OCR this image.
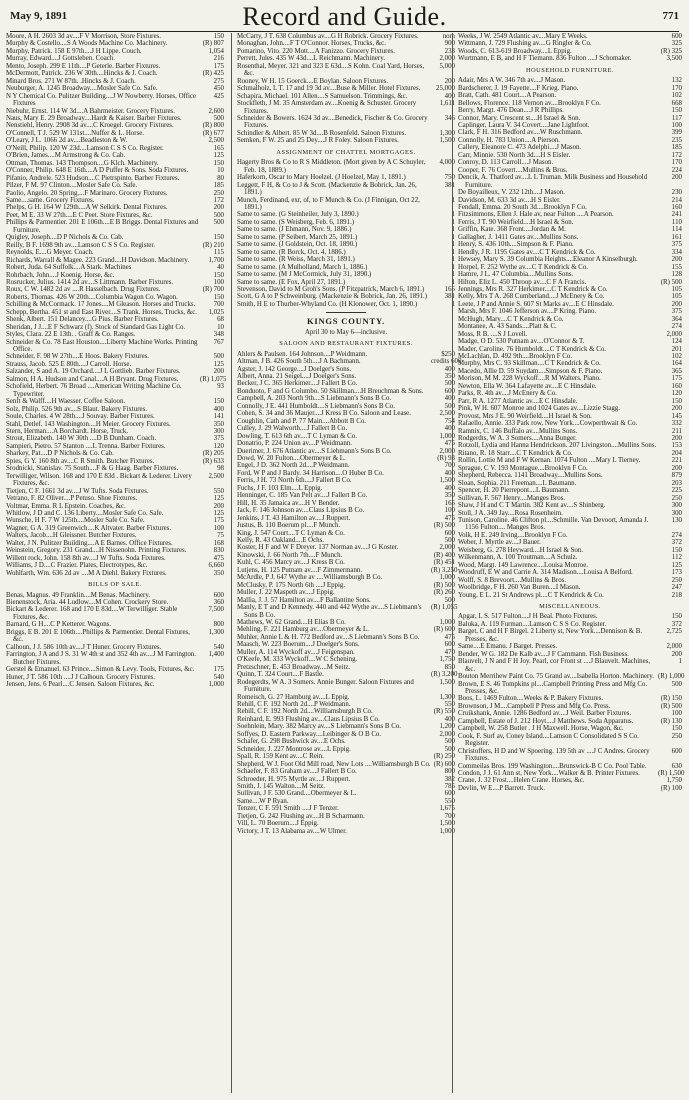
May 9, 1891	Record and Guide.	771
Moore, A H. 2603 3d av....F V Morrison, Store Fixtures.	150
Murphy & Costello....S A Woods Machine Co. Machinery.	(R) 807
Murphy, Patrick. 158 E 97th....J H Lippe. Couch.	1,054
Murray, Edward....J Gottsleben. Coach.	216
Mento, Joseph. 299 E 11th....P Geterle. Barber Fixtures.	175
McDermott, Patrick. 236 W 30th....Hincks & J. Coach.	(R) 425
Minard Bros. 271 W 87th. .Hincks & J. Coach.	275
Neuburger, A. 1245 Broadway....Mosler Safe Co. Safe.	450
N Y Chemical Co. Pulitzer Building....J W Nowberry. Horses, Office Fixtures
425
Niebuhr, Ernst. 114 W 3d....A Bahrmeister. Grocery Fixtures.	2,600
Naus, Mary E. 29 Broadway....Hardt & Kaiser. Barber Fixtures.	500
Nenstiehl, Henry. 2908 3d av....C Kroegel. Grocery Fixtures.	(R) 800
O'Connell, T J. 529 W 131st....Nuffer & L. Horse.	(R) 677
O'Leary, J L. 1066 2d av....Beadleston & W.	2,500
O'Neill, Philip. 120 W 23d....Lamson C S S Co. Register.	165
O'Brien, James....M Armstrong & Co. Cab.	125
Ottman, Thomas. 143 Thompson....G Klch. Machinery.	150
O'Conner, Philip. 648 E 16th....A D Puffer & Sons. Soda Fixtures.	10
Pifanio, Andrele. 523 Hudson....C Pietrspinto. Barber Fixtures.	80
Pilzer, F M. 97 Clinton....Mosler Safe Co. Safe.	185
Paolio, Angelo. 20 Spring....F Marinaro. Grocery Fixtures.	250
Same....same. Grocery Fixtures.	172
Phelps, G H. 164 W 129th....A W Selkirk. Dental Fixtures.	200
Peet, M E. 33 W 27th....E C Peet. Store Fixtures, &c.	500
Phillips & Parmentier. 201 E 106th....E B Briggs. Dental Fixtures and Furniture.
500
Quigley, Joseph....D P Nichols & Co. Cab.	150
Reilly, B F. 1698 9th av....Lamson C S S Co. Register.	(R) 210
Reynolds, E....G Meyer. Coach.	115
Richards, Warrall & Magee. 223 Grand....H Davidson. Machinery.	1,700
Robert, Juda. 64 Suffolk....A Stark. Machines	40
Rohrbach, John....J Koenig. Horse, &c.	150
Rosrucker, Julius. 1414 2d av....S Littmann. Barber Fixtures.	100
Roux, C W. 1482 2d av ....R Hasselbach. Drug Fixtures.	(R) 700
Roberts, Thomas. 426 W 20th....Columbia Wagon Co. Wagon.	150
Schilling & McCormack. 17 Jones....M Gleason. Horses and Trucks.	700
Schepp, Bertha. 451 st and East River....S Trank. Horses, Trucks, &c.	1,025
Shenk, Albert. 151 Delancey....G Pius. Barber Fixtures.	68
Sheridan, J J....E F Schwarz (f). Stock of Standard Gas Light Co.	10
Styles, Clara. 22 E 13th. . Graff & Co. Ranges.	348
Schneider & Co. 78 East Houston....Liberty Machine Works. Printing Office.
767
Schneider, F. 98 W 27th....E Hoos. Bakery Fixtures.	500
Strauss, Jacob. 525 E 80th....J Carroll. Horse.	125
Salzander, S and A. 19 Orchard....J L Gottlieb. Barber Fixtures.	200
Salmon, H A. Hudson and Canal....A H Bryant. Drug Fixtures.	(R) 1,075
Schofield, Herbert. 76 Broad ....American Writing Machine Co. Typewriter.
93
Senft & Walff....H Waesser. Coffee Saloon.	150
Solz, Philip. 526 9th av....S Blaut. Bakery Fixtures.	400
Soule, Charles. 4 W 28th....J Souvay. Barber Fixtures.	141
Stahl, Detlef. 143 Washington....H Meier. Grocery Fixtures.	350
Stern, Herman....A Borchardt. Horse, Truck.	300
Strout, Elizabeth. 140 W 30th ....D B Dunham. Coach.	375
Sampieri, Pietro. 57 Stanton ....L Trenna. Barber Fixtures.	120
Sharkey, Pat....D P Nichols & Co. Cab.	(R) 205
Spies, G Y. 160 8th av....C R Smith. Butcher Fixtures.	(R) 633
Srodnicki, Stanislav. 75 South....F & G Haag. Barber Fixtures.	98
Terwilliger, Wilson. 168 and 170 E 83d . Bickart & Lederer. Livery Fixtures, &c.
2,500
Tietjen, C F. 1661 3d av....J W Tufts. Soda Fixtures.	550
Vetrano, F. 82 Oliver....P Petuso. Shoe Fixtures.	125
Voltmar, Emma. R L Epstein. Coaches, &c.	200
Whitlow, J D and C. 136 Liberty....Mosler Safe Co. Safe.	125
Wunsche, H F. 7 W 125th....Mosler Safe Co. Safe.	175
Wagner, G A. 319 Greenwich....K Altvater. Barber Fixtures.	100
Walters, Jacob....H Gleissner. Butcher Fixtures.	75
Walter, J N. Pulitzer Building....A E Barnes. Office Fixtures.	168
Weinstein, Gregory. 231 Grand....H Nissenohn. Printing Fixtures.	830
Willent rock, John. 158 8th av....J W Tufts. Soda Fixtures.	475
Williams, J D....C Frazier. Plates, Electrotypes, &c.	6,660
Wohlfarth, Wm. 636 2d av ....M A Diehl. Bakery Fixtures.	350
BILLS OF SALE.
Benas, Magnus. 49 Franklin....M Benas. Machinery.	600
Bienenstock, Aria. 44 Ludlow....M Cohen. Crockery Store.	360
Bickart & Lederer. 168 and 170 E 83d....W Terwilliger. Stable Fixtures, &c.
7,500
Barnard, G H....C P Ketterer. Wagons.	800
Briggs, E B. 201 E 106th....Phillips & Parmentier. Dental Fixtures, &c.
1,300
Calhoun, J J. 586 10th av....J T Huner. Grocery Fixtures.	540
Farrington, J A and J S. 31 W 4th st and 352 4th av....J M Farrington. Butcher Fixtures.
1,400
Gerstel & Emanuel. 63 Prince....Simon & Levy. Tools, Fixtures, &c.	175
Huner, J T. 586 10th ....J J Calhoun. Grocery Fixtures.	540
Jensen, Jens. 6 Pearl....C Jensen. Saloon Fixtures, &c.	1,000
McCarty, J T. 638 Columbus av....G H Robrick. Grocery Fixtures.	nom
Monaghan, John....F T O'Connor. Horses, Trucks, &c.	900
Pomarino, Vito. 220 Mott....A Fanizzo. Grocery Fixtures.	233
Perrett, Jules. 435 W 43d....L Reichmann. Machinery.	2,000
Rosenthal, Meyer. 321 and 323 E 63d....S Kohn. Coal Yard, Horses, &c.
5,000
Rooney, W H. 15 Goerck....E Boylan. Saloon Fixtures.	200
Schmalholz, L T. 17 and 19 3d av....Buse & Miller. Hotel Fixtures.	25,000
Schapira, Michael. 101 Allen....S Samuelson. Trimmings, &c.	400
Stockfleth, J M. 35 Amsterdam av....Koenig & Schuster. Grocery Fixtures.
1,611
Schneider & Bowers. 1624 3d av....Benedick, Fischer & Co. Grocery Fixtures.
346
Schindler & Albert. 85 W 3d....B Rosenfeld. Saloon Fixtures.	1,300
Semken, F W. 25 and 25 Dey....J R Foley. Saloon Fixtures.	1,500
ASSIGNMENT OF CHATTEL MORTGAGES.
Hagerty Bros & Co to R S Middleton. (Mort given by A C Schuyler, Feb. 18, 1889.)
4,000
Haferkorn, Oscar to Mary Hoelzel. (J Hoelzel, May 1, 1891.)	750
Leggett, F H, & Co to J & Scott. (Mackenzie & Bobrick, Jan. 26, 1891.)
381
Munch, Ferdinand, exr, of, to F Munch & Co. (J Finnigan, Oct 22, 1891.)
1
Same to same. (G Steinheiler, July 3, 1890.)	1
Same to same. (S Weisberg, Feb. 6, 1891.)	1
Same to same. (J Ehmann, Nov. 9, 1886.)	1
Same to same. (P Seibert, March 25, 1891.)	1
Same to same. (J Goldstein, Oct. 18, 1890.)	1
Same to same. (R Borck, Oct. 4, 1886.)	1
Same to same. (R Weiss, March 31, 1891.)	1
Same to same. (A Mulholland, March 1, 1886.)	1
Same to same. (M J McCormick, July 31, 1890.)	1
Same to same. (E Fox, April 27, 1891.)	1
Stevenson, David to M Groh's Sons. (P Fitzpatrick, March 6, 1891.)	165
Scott, G A to P Schweinburg. (Mackenzie & Bobrick, Jan. 26, 1891.)	381
Smith, H E to Thurber-Whyland Co. (H Klonower, Oct. 1, 1890.)	1
KINGS COUNTY.
April 30 to May 6—inclusive.
SALOON AND RESTAURANT FIXTURES.
Ahlers & Paulsen. 164 Johnson....P Weidmann.	$250
Altman, J B. 426 South 5th....J A Bachmann.	credits 600
Agster, J. 142 George....J Doelger's Sons.	400
Albert, Anna. 21 Seigel....J Doelger's Sons.	350
Becker, J C. 365 Herkimer....J Fallert B Co.	500
Bonduoto, F and G Columbo. 50 Skillman....H Breuchman & Sons.	600
Campbell, A. 203 North 9th....S Liebmann's Sons B Co.	400
Connolly, J E. 441 Humboldt....S Liebmann's Sons B Co.	500
Cohen, S. 34 and 36 Maujer....J Kress B Co. Saloon and Lease.	2,500
Coughlin, Cath and P. 77 Main....Abbott B Co.	754
Culley, J. 29 Walworth....J Fallert B Co.	400
Dowling, T. 613 6th av....T C Lyman & Co.	1,000
Donatrio, P. 224 Union av....P Weidmann.	475
Duerimer, J. 676 Atlantic av....S Liebmann's Sons B Co.	2,000
Dowd, W. 20 Fulton....Obermeyer & L.	(R) 93
Engel, J D. 362 North 2d....P Weidmann.	700
Ford, W P and J Bardy. 34 Harrison....O Huber B Co.	400
Ferris, J H. 73 North 6th....J Fallert B Co.	1,500
Fuchs, J F. 103 Elm....L Eppig.	400
Henninger, C. 185 Van Pelt av....J Fallert B Co.	350
Hill, H. 35 Jamaica av....H V Bender.	165
Jack, F. 146 Johnson av....Claus Lipsius B Co.	100
Jenkins, J T. 43 Hamilton av....J Ruppert.	475
Justus, B. 110 Boerum pl....F Munch.	(R) 500
King, J. 547 Court....T C Lyman & Co.	600
Kelly, R. 43 Oakland....E Ochs.	500
Koster, H F and W F Dreyer. 137 Norman av....J G Koster.	2,000
Kinowski, J. 66 North 7th....F Munch.	(R) 400
Kuhl, C. 456 Marcy av....J Kress B Co.	(R) 451
Lutjens, H. 125 Putnam av....F Zimmermann.	(R) 3,250
McArdle, P J. 647 Wythe av ....Williamsburgh B Co.	1,000
McClusky, P. 175 North 6th ....J Eppig.	(R) 500
Muller, J. 22 Maspeth av....J Eppig.	(R) 260
Mallia, J. J. 57 Hamilton av....F Ballantine Sons.	500
Manly, E T and D Kennedy. 440 and 442 Wythe av....S Liebmann's Sons B Co.
(R) 1,055
Mathews, W. 62 Grand....H Elias B Co.	1,000
Mehling, F. 221 Hamburg av....Obermeyer & L.	(R) 600
Muhler, Annie L & H. 772 Bedford av....S Liebmann's Sons B Co.	475
Maasch, W. 223 Boerum....J Doelger's Sons.	600
Muller, A. 114 Wyckoff av....J Feigenspan.	470
O'Keefe, M. 333 Wyckoff....W C Schening.	1,750
Pretzschner, E. 453 Broadway....M Seitz.	850
Quinn, T. 324 Court....F Bastle.	(R) 3,200
Rodegerdts, W A. 3 Somers. Annie Bunger. Saloon Fixtures and Furniture.
1,500
Romeisch, G. 27 Hamburg av....L Eppig.	1,300
Rehill, C F. 192 North 2d....P Weidmann.	550
Rehill, C F. 192 North 2d....Williamsburgh B Co.	(R) 550
Reinhard, E. 993 Flushing av....Claus Lipsius B Co.	400
Soehnlein, Mary. 382 Marcy av....S Liebmann's Sons B Co.	1,200
Soffyes, D. Eastern Parkway....Leibinger & O B Co.	2,000
Schafer, G. 298 Bushwick av....E Ochs.	500
Schneider, J. 227 Montrose av....L Eppig.	500
Spall, R. 159 Kent av....C Rein.	(R) 250
Shepherd, W J. Foot Old Mill road, New Lots ....Williamsburgh B Co. (R) 600
Schaefer, F. 83 Graham av....J Fallert B Co.	800
Schroeder, H. 975 Myrtle av....J Ruppert.	382
Smith, J. 145 Walton....M Seitz.	785
Sullivan, J F. 530 Grand....Obermeyer & L.	600
Same....W P Ryan.	550
Tenzer, C F. 591 Smith ....J F Tenzer.	1,675
Tietjen, G. 242 Flushing av....H B Scharmann.	700
Vill, L. 70 Boerum....J Eppig.	1,500
Victory, J T. 13 Alabama av....W Ulmer.	1,000
Weeks, J W. 2549 Atlantic av....Mary E Weeks.	600
Wittmann, J. 729 Flushing av....G Ringler & Co.	325
Woods, C. 613-619 Broadway....L Eppig.	(R) 325
Wurtmann, E B, and H F Tiemann. 836 Fulton ....J Schomaker.	3,500
HOUSEHOLD FURNITURE.
Adair, Mrs A W. 346 7th av....J Mason.	132
Bardscherer, J. 19 Fayette....F Krieg. Piano.	170
Bratt, Cath. 481 Court....A Pearson.	102
Bellows, Florence. 118 Vernon av....Brooklyn F Co.	668
Berry, Margt. 476 Dean....J R Phillips.	150
Connor, Mary. Crescent st....H Israel & Son.	117
Caplinger, Laura V. 34 Covert....Jane Lightfoot.	100
Clark, F H. 316 Bedford av....W Ruschmann.	399
Connolly, H. 783 Union....A Pierson.	235
Callery, Eleanore C. 473 Adelphi....J Mason.	185
Carr, Minnie. 530 North 3d....H S Eisler.	172
Conroy, D. 113 Carroll....J Mason.	170
Cooper, F. 76 Covert....Mullins & Bros.	224
Dencik, A. Thatford av....L L Truman. Milk Business and Household Furniture.
200
De Boyailleux, V. 232 12th....J Mason.	230
Davidson, M. 633 3d av....H S Eisler.	214
Fendall, Emma. 20 South 3d....Brooklyn F Co.	160
Fitzsimmons, Ellen J. Hale av, near Fulton ....A Pearson.	241
Ferris, J T. 90 Weirfield....H Israel & Son.	110
Griffin, Kate. 368 Front....Jordan & M.	114
Gallagher, J. 1411 Gates av....Mullins Sons.	161
Henry, S. 436 10th....Simpson & F. Piano.	375
Hendly, J R. 1195 Gates av....C T Kendrick & Co.	334
Hewsey, Mary S. 39 Columbia Heights....Eleanor A Kinselburgh.	200
Horpel, F. 252 Wythe av....C T Kendrick & Co.	155
Hamre, J L. 47 Columbia....Mullins Sons.	128
Hilton, Eliz L. 450 Throop av....C F A Francis.	(R) 500
Jennings, Mrs R. 327 Herkimer....C T Kendrick & Co.	105
Kelly, Mrs T A. 268 Cumberland....J McEnery & Co.	105
Leete, J P and Annie S. 607 St Marks av....E C Hinsdale.	200
Marsh, Mrs F. 1046 Jefferson av....P Kring. Piano.	375
McHugh, Mary....C T Kendrick & Co.	364
Montanee, A. 43 Sands....Platt & C.	274
Moss, R B. ....S J Lovell.	2,000
Madge, O D. 530 Putnam av....O'Connor & T.	124
Mader, Caroline. 76 Humboldt....C T Kendrick & Co.	201
McLachlan, D. 492 9th....Brooklyn F Co.	102
Murphy, Mrs C. 93 Skillman....C T Kendrick & Co.	164
Macedo, Allie D. 59 Suydam....Simpson & F. Piano.	365
Morison, M M. 228 Wyckoff....R M Walters. Piano.	175
Newton, Ella W. 364 Lafayette av....E C Hinsdale.	160
Parks, R. 4th av....J McEnery & Co.	120
Parr, R A. 1277 Atlantic av....E C Hinsdale.	150
Pink, W H. 607 Monroe and 1024 Gates av....Lizzie Stagg.	200
Provost, Mrs J E. 90 Weirfield....H Israel & Son.	145
Rafaello, Annie. 333 Park row, New York....Cowperthwait & Co.	332
Ramnix, C. 146 Buffalo av....Mullins Sons.	211
Rodgerdts, W A. 3 Somers....Anna Bunger.	200
Rotzoll, Lydia and Hanna Hendrickson. 207 Livingston....Mullins Sons.	153
Ritano, R. 18 Starr....C T Kendrick & Co.	204
Rollin, Lottie M and F W Kernan. 1074 Fulton ....Mary L Tierney.	221
Sprague, C V. 193 Montague....Brooklyn F Co.	200
Shepherd, Rebecca. 1141 Broadway....Mullins Sons.	879
Sloan, Sophia. 211 Freeman....L Baumann.	203
Spencer, H. 20 Pierrepont....L Baumann.	225
Sullivan, F. 567 Henry....Manges Bros.	250
Shaw, J H and C T Martin. 382 Kent av....S Shinberg.	300
Stoll, J A. 349 Jay....Rosa Rosenheim.	300
Tunison, Caroline. 46 Clifton pl....Schmille. Van Devoort, Amanda J. 1156 Fulton.... Manges Bros.
130
Volk, H E. 249 Irving....Brooklyn F Co.	274
Weber, J. Myrtle av....J Bauer.	372
Weisberg, G. 278 Heyward....H Israel & Son.	150
Wilkenmann, A. 100 Troutman....A Schulz.	112
Wood, Margt. 149 Lawrence....Louisa Monroe.	125
Woodruff, E W and Carrie A. 314 Madison....Louisa A Belford.	173
Wolff, S. 8 Brevoort....Mullins & Bros.	250
Woolbridge, F H. 260 Van Buren....I Mason.	247
Young, E L. 21 St Andrews pl....C T Kendrick & Co.	218
MISCELLANEOUS.
Apgar, L S. 517 Fulton....J H Beal. Photo Fixtures.	150
Baluka, A. 119 Furman....Lamson C S S Co. Register.	372
Barget, C and H F Birgel. 2 Liberty st, New York....Dennison & B. Presses, &c.
2,725
Same....E Emanu. J Barget. Presses.	2,000
Bender, W G. 182 De Kalb av....J F Cammann. Fish Business.	200
Blauvelt, J N and F H Joy. Pearl, cor Front st ....J Blauvelt. Machines, &c.
1
Bouton Merrihew Paint Co. 75 Grand av....Isabella Horton. Machinery. (R) 1,000
Brown, E S. 46 Tompkins pl....Campbell Printing Press and Mfg Co. Presses, &c.
500
Boos, L. 1469 Fulton....Weeks & P. Bakery Fixtures.	(R) 150
Brownson, J M....Campbell P Press and Mfg Co. Press.	(R) 500
Cruikshank, Annie. 1286 Bedford av....J Weil. Barber Fixtures.	100
Campbell, Estate of J. 212 Hoyt....J Matthews. Soda Apparatus.	(R) 130
Campbell, W. 258 Butler . J H Maxwell. Horse, Wagon, &c.	150
Cook, F. Surf av, Coney Island....Lamson C Consolidated S S Co. Register.
250
Christoffers, H D and W Spoering. 139 5th av ....J C Andres. Grocery Fixtures.
600
Commeilas Bros. 199 Washington....Brunswick-B C Co. Pool Table.	630
Condon, J J. 61 Ann st, New York....Walker & B. Printer Fixtures.	(R) 1,500
Crane, J. 32 Frost....Helen Crane. Horses, &c.	1,750
Devlin, W E....P Barrett. Truck.	(R) 100
